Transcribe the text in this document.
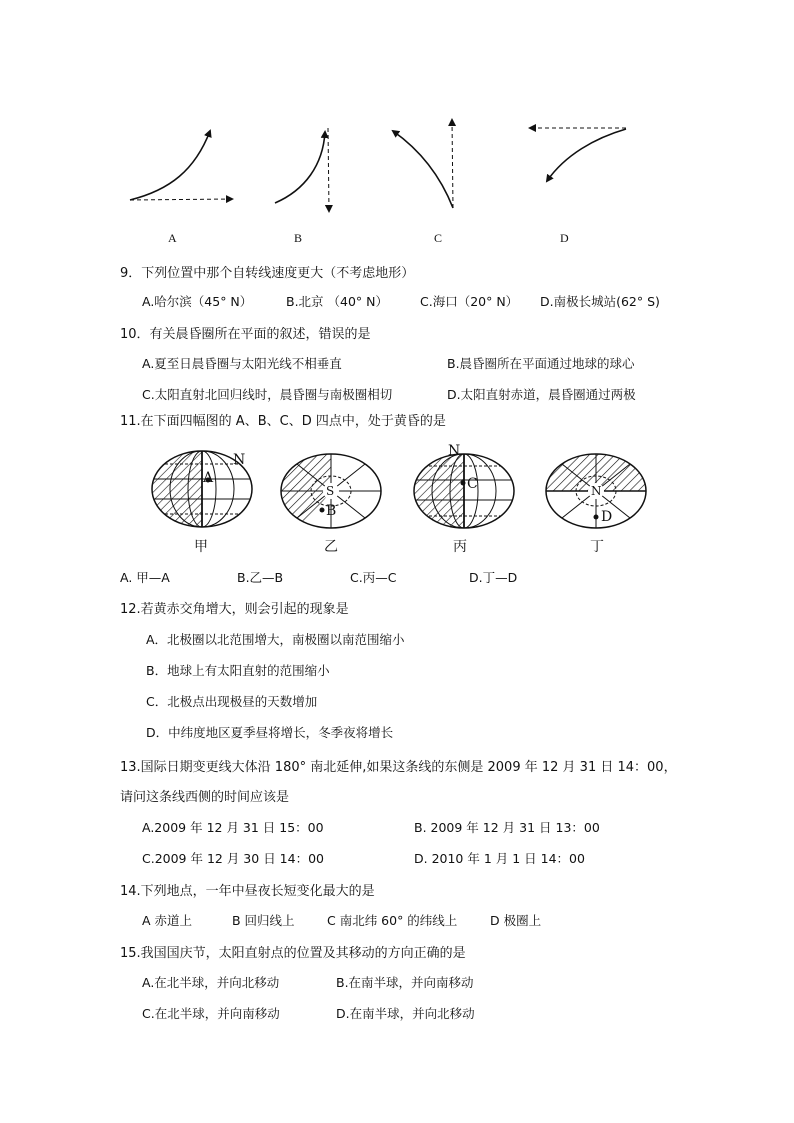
A	B	C	D
9．下列位置中那个自转线速度更大（不考虑地形）
A.哈尔滨（45° N）	B.北京 （40° N）	C.海口（20° N） D.南极长城站(62° S)
10．有关晨昏圈所在平面的叙述，错误的是
A.夏至日晨昏圈与太阳光线不相垂直	B.晨昏圈所在平面通过地球的球心
C.太阳直射北回归线时，晨昏圈与南极圈相切	D.太阳直射赤道，晨昏圈通过两极
11.在下面四幅图的 A、B、C、D 四点中，处于黄昏的是
A
N
S
B
N
C	N
D
甲	乙	丙	丁
A. 甲—A	B.乙—B	C.丙—C	D.丁—D
12.若黄赤交角增大，则会引起的现象是
A．北极圈以北范围增大，南极圈以南范围缩小
B．地球上有太阳直射的范围缩小
C．北极点出现极昼的天数增加
D．中纬度地区夏季昼将增长，冬季夜将增长
13.国际日期变更线大体沿 180° 南北延伸,如果这条线的东侧是 2009 年 12 月 31 日 14：00，
请问这条线西侧的时间应该是
A.2009 年 12 月 31 日 15：00	B. 2009 年 12 月 31 日 13：00
C.2009 年 12 月 30 日 14：00	D. 2010 年 1 月 1 日 14：00
14.下列地点，一年中昼夜长短变化最大的是
A 赤道上	B 回归线上	C 南北纬 60° 的纬线上	D 极圈上
15.我国国庆节，太阳直射点的位置及其移动的方向正确的是
A.在北半球，并向北移动	B.在南半球，并向南移动
C.在北半球，并向南移动	D.在南半球，并向北移动
